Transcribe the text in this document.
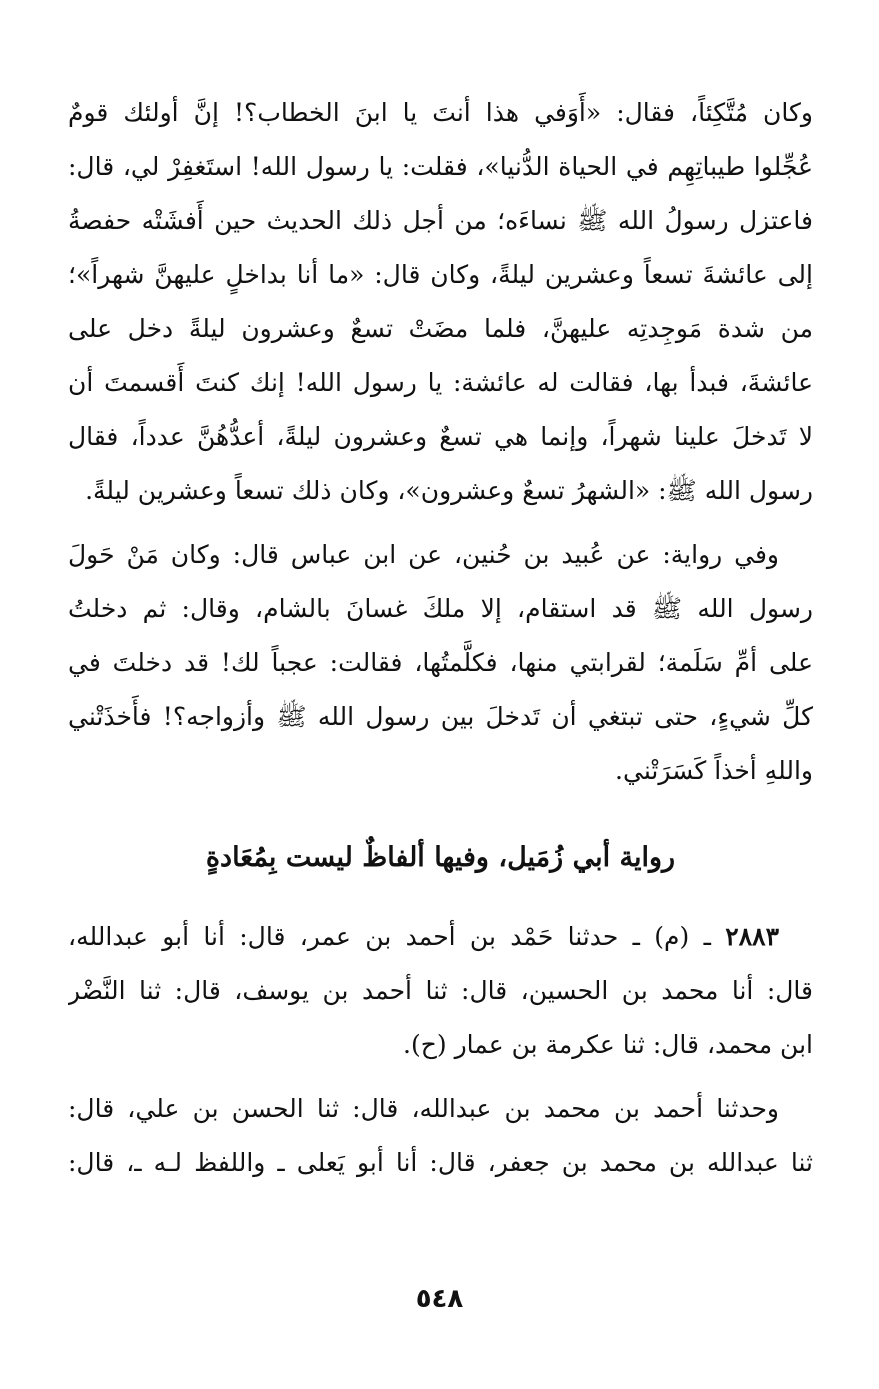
وكان مُتَّكِئاً، فقال: «أَوَفي هذا أنتَ يا ابنَ الخطاب؟! إنَّ أولئك قومٌ
عُجِّلوا طيباتِهِم في الحياة الدُّنيا»، فقلت: يا رسول الله! استَغفِرْ لي، قال:
فاعتزل رسولُ الله ﷺ نساءَه؛ من أجل ذلك الحديث حين أَفشَتْه حفصةُ
إلى عائشةَ تسعاً وعشرين ليلةً، وكان قال: «ما أنا بداخلٍ عليهنَّ شهراً»؛
من شدة مَوجِدتِه عليهنَّ، فلما مضَتْ تسعٌ وعشرون ليلةً دخل على
عائشةَ، فبدأ بها، فقالت له عائشة: يا رسول الله! إنك كنتَ أَقسمتَ أن
لا تَدخلَ علينا شهراً، وإنما هي تسعٌ وعشرون ليلةً، أعدُّهُنَّ عدداً، فقال
رسول الله ﷺ: «الشهرُ تسعٌ وعشرون»، وكان ذلك تسعاً وعشرين ليلةً.
وفي رواية: عن عُبيد بن حُنين، عن ابن عباس قال: وكان مَنْ حَولَ
رسول الله ﷺ قد استقام، إلا ملكَ غسانَ بالشام، وقال: ثم دخلتُ
على أمِّ سَلَمة؛ لقرابتي منها، فكلَّمتُها، فقالت: عجباً لك! قد دخلتَ في
كلِّ شيءٍ، حتى تبتغي أن تَدخلَ بين رسول الله ﷺ وأزواجه؟! فأَخذَتْني
واللهِ أخذاً كَسَرَتْني.
رواية أبي زُمَيل، وفيها ألفاظٌ ليست بِمُعَادةٍ
٢٨٨٣ ـ (م) ـ حدثنا حَمْد بن أحمد بن عمر، قال: أنا أبو عبدالله،
قال: أنا محمد بن الحسين، قال: ثنا أحمد بن يوسف، قال: ثنا النَّضْر
ابن محمد، قال: ثنا عكرمة بن عمار (ح).
وحدثنا أحمد بن محمد بن عبدالله، قال: ثنا الحسن بن علي، قال:
ثنا عبدالله بن محمد بن جعفر، قال: أنا أبو يَعلى ـ واللفظ لـه ـ، قال:
٥٤٨
